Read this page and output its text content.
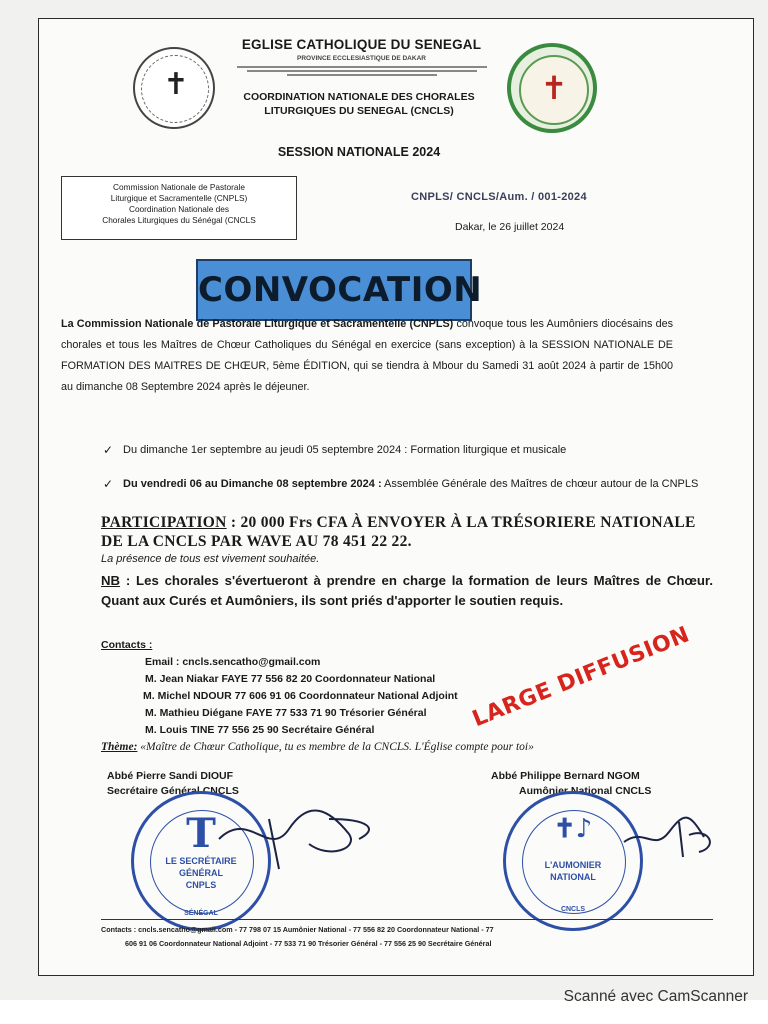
✝	✝
EGLISE CATHOLIQUE DU SENEGAL
PROVINCE ECCLESIASTIQUE DE DAKAR
COORDINATION NATIONALE DES CHORALES
LITURGIQUES DU SENEGAL (CNCLS)
SESSION NATIONALE 2024
Commission Nationale de Pastorale
Liturgique et Sacramentelle (CNPLS)
Coordination Nationale des
Chorales Liturgiques du Sénégal (CNCLS
CNPLS/ CNCLS/Aum. / 001-2024
Dakar, le 26 juillet 2024
CONVOCATION
La Commission Nationale de Pastorale Liturgique et Sacramentelle (CNPLS) convoque tous les Aumôniers diocésains des chorales et tous les Maîtres de Chœur Catholiques du Sénégal en exercice (sans exception) à la SESSION NATIONALE DE FORMATION DES MAITRES DE CHŒUR, 5ème ÉDITION, qui se tiendra à Mbour du Samedi 31 août 2024 à partir de 15h00 au dimanche 08 Septembre 2024 après le déjeuner.
✓ Du dimanche 1er septembre au jeudi 05 septembre 2024 : Formation liturgique et musicale
✓ Du vendredi 06 au Dimanche 08 septembre 2024 : Assemblée Générale des Maîtres de chœur autour de la CNPLS
PARTICIPATION : 20 000 Frs CFA À ENVOYER À LA TRÉSORIERE NATIONALE DE LA CNCLS PAR WAVE AU 78 451 22 22.
La présence de tous est vivement souhaitée.
NB : Les chorales s'évertueront à prendre en charge la formation de leurs Maîtres de Chœur. Quant aux Curés et Aumôniers, ils sont priés d'apporter le soutien requis.
Contacts :
Email : cncls.sencatho@gmail.com
M. Jean Niakar FAYE 77 556 82 20 Coordonnateur National
M. Michel NDOUR 77 606 91 06 Coordonnateur National Adjoint
M. Mathieu Diégane FAYE 77 533 71 90 Trésorier Général
M. Louis TINE 77 556 25 90 Secrétaire Général	LARGE DIFFUSION
Thème: «Maître de Chœur Catholique, tu es membre de la CNCLS. L'Église compte pour toi»
Abbé Pierre Sandi DIOUF
Secrétaire Général CNCLS
Abbé Philippe Bernard NGOM
Aumônier National CNCLS
T
LE SECRÉTAIRE
GÉNÉRAL
CNPLS
SÉNÉGAL
✝♪
L'AUMONIER
NATIONAL
CNCLS
Contacts : cncls.sencatho@gmail.com - 77 798 07 15 Aumônier National - 77 556 82 20 Coordonnateur National - 77
606 91 06 Coordonnateur National Adjoint - 77 533 71 90 Trésorier Général - 77 556 25 90 Secrétaire Général
Scanné avec CamScanner
